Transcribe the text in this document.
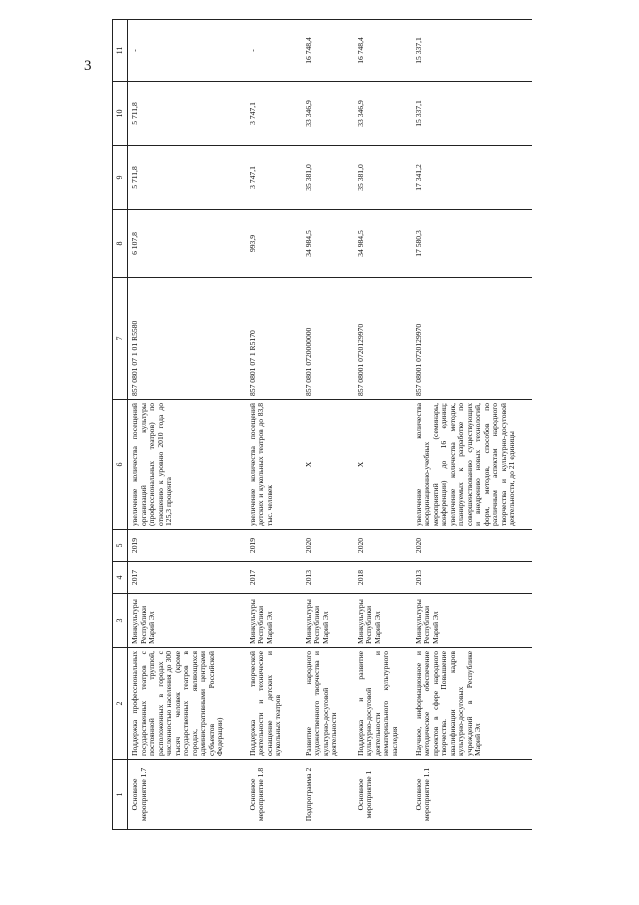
3
1	2	3	4	5	6	7	8	9	10	11
Основное мероприятие 1.7	Поддержка профессиональных государственных театров с постоянной труппой, расположенных в городах с численностью населения до 300 тысяч человек (кроме государственных театров в городах, являющихся административными центрами субъектов Российской Федерации)	Минкультуры Республики Марий Эл	2017	2019	увеличение количества посещений организаций культуры (профессиональных театров) по отношению к уровню 2010 года до 125,3 процента	857 0801 07 1 01 R5580	6 107,8	5 711,8	5 711,8	-
Основное мероприятие 1.8	Поддержка творческой деятельности и техническое оснащение детских и кукольных театров	Минкультуры Республики Марий Эл	2017	2019	увеличение количества посещений детских и кукольных театров до 83,8 тыс. человек	857 0801 07 1 R5170	993,9	3 747,1	3 747,1	-
Подпрограмма 2	Развитие народного художественного творчества и культурно-досуговой деятельности	Минкультуры Республики Марий Эл	2013	2020	X	857 0801 0720000000	34 984,5	35 381,0	33 346,9	16 748,4
Основное мероприятие 1	Поддержка и развитие культурно-досуговой деятельности и нематериального культурного наследия	Минкультуры Республики Марий Эл	2018	2020	X	857 08001 0720129970	34 984,5	35 381,0	33 346,9	16 748,4
Основное мероприятие 1.1	Научное, информационное и методическое обеспечение проектов в сфере народного творчества. Повышение квалификации кадров культурно-досуговых учреждений в Республике Марий Эл	Минкультуры Республики Марий Эл	2013	2020	увеличение количества координационно-учебных мероприятий (семинары, конференции) до 16 единиц; увеличение количества методик, планируемых к разработке по совершенствованию существующих и внедрению новых технологий, форм, методов, способов по различным аспектам народного творчества и культурно-досуговой деятельности, до 21 единицы	857 08001 0720129970	17 580,3	17 341,2	15 337,1	15 337,1
